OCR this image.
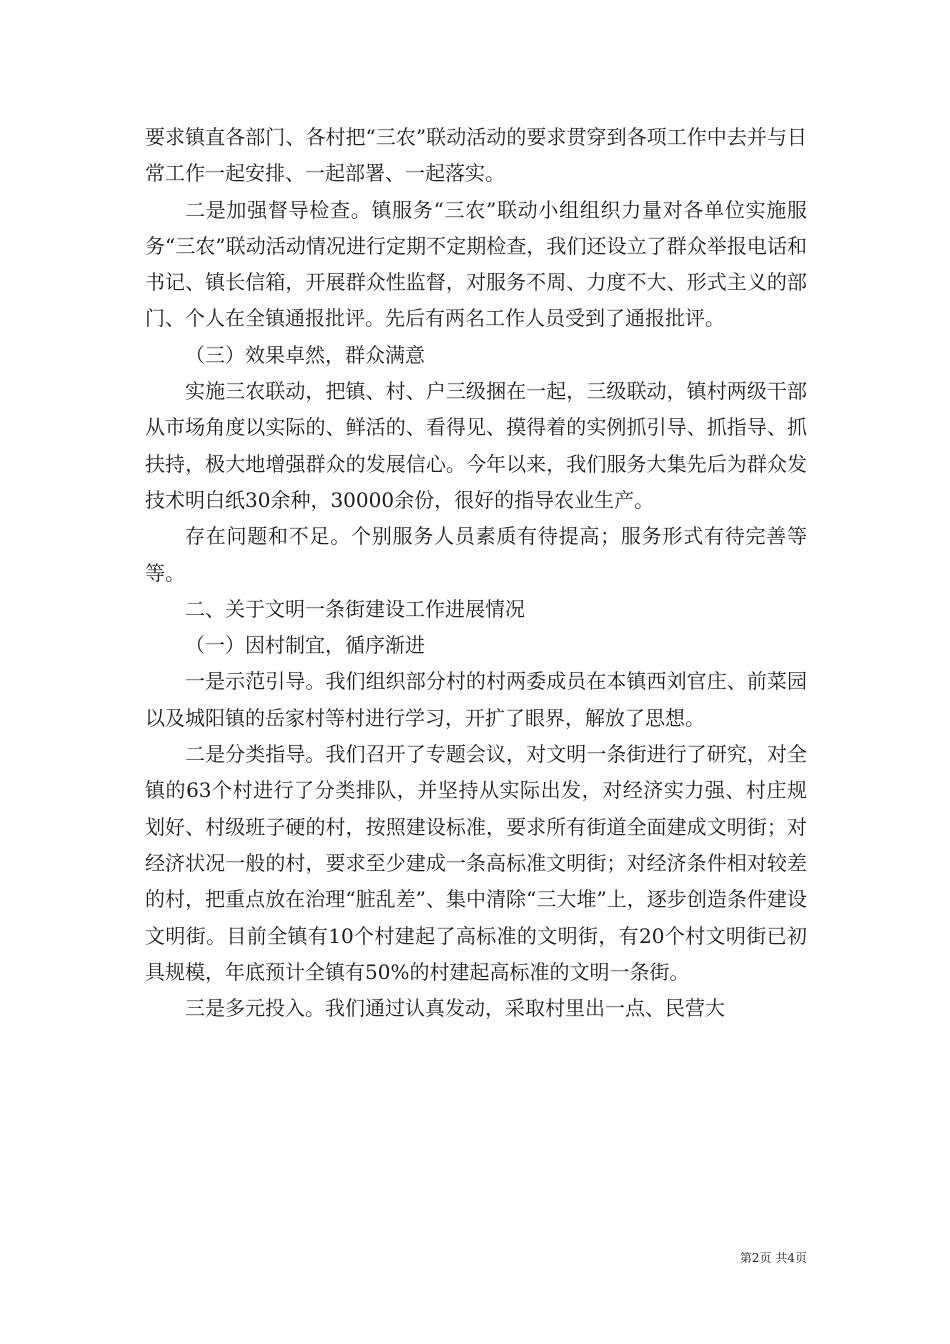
要求镇直各部门、各村把“三农”联动活动的要求贯穿到各项工作中去并与日常工作一起安排、一起部署、一起落实。

二是加强督导检查。镇服务“三农”联动小组组织力量对各单位实施服务“三农”联动活动情况进行定期不定期检查，我们还设立了群众举报电话和书记、镇长信箱，开展群众性监督，对服务不周、力度不大、形式主义的部门、个人在全镇通报批评。先后有两名工作人员受到了通报批评。

（三）效果卓然，群众满意

实施三农联动，把镇、村、户三级捆在一起，三级联动，镇村两级干部从市场角度以实际的、鲜活的、看得见、摸得着的实例抓引导、抓指导、抓扶持，极大地增强群众的发展信心。今年以来，我们服务大集先后为群众发技术明白纸30余种，30000余份，很好的指导农业生产。

存在问题和不足。个别服务人员素质有待提高；服务形式有待完善等等。

二、关于文明一条街建设工作进展情况

（一）因村制宜，循序渐进

一是示范引导。我们组织部分村的村两委成员在本镇西刘官庄、前菜园以及城阳镇的岳家村等村进行学习，开扩了眼界，解放了思想。

二是分类指导。我们召开了专题会议，对文明一条街进行了研究，对全镇的63个村进行了分类排队，并坚持从实际出发，对经济实力强、村庄规划好、村级班子硬的村，按照建设标准，要求所有街道全面建成文明街；对经济状况一般的村，要求至少建成一条高标准文明街；对经济条件相对较差的村，把重点放在治理“脏乱差”、集中清除“三大堆”上，逐步创造条件建设文明街。目前全镇有10个村建起了高标准的文明街，有20个村文明街已初具规模，年底预计全镇有50%的村建起高标准的文明一条街。

三是多元投入。我们通过认真发动，采取村里出一点、民营大

第2页 共4页
